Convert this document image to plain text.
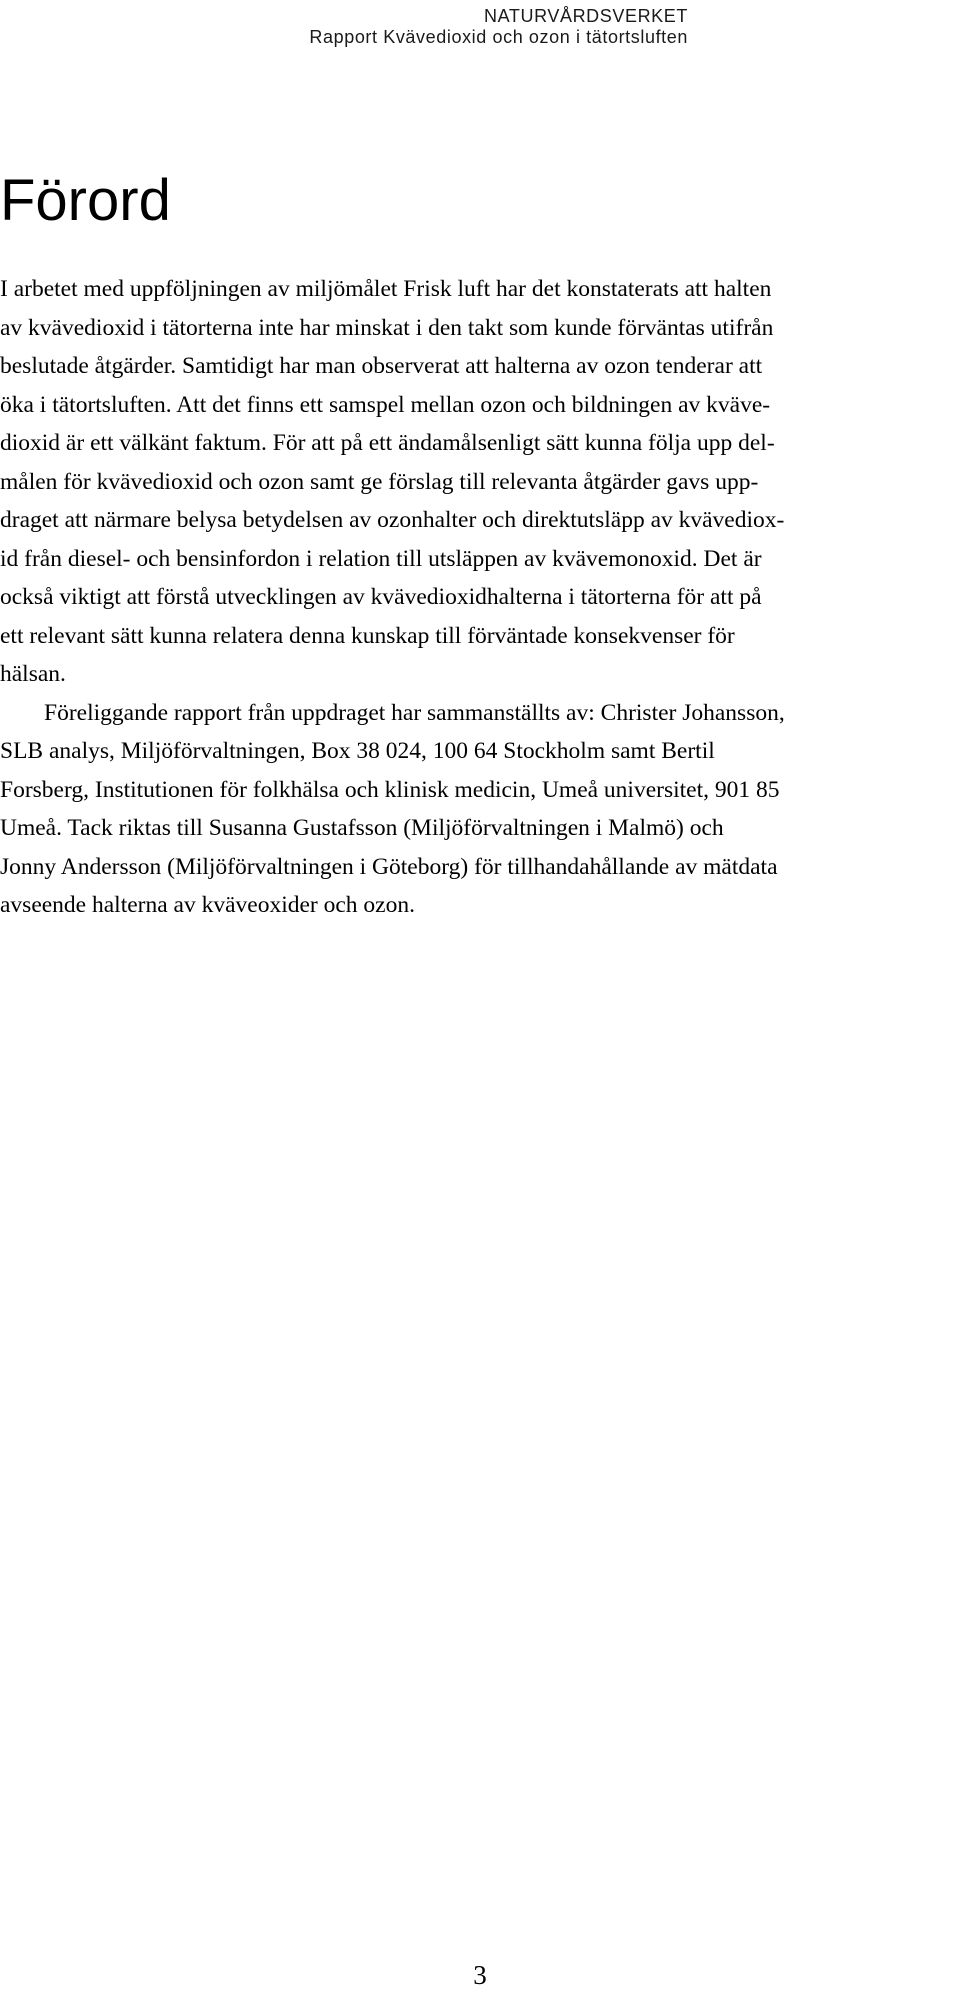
NATURVÅRDSVERKET
Rapport Kvävedioxid och ozon i tätortsluften
Förord
I arbetet med uppföljningen av miljömålet Frisk luft har det konstaterats att halten
av kvävedioxid i tätorterna inte har minskat i den takt som kunde förväntas utifrån
beslutade åtgärder. Samtidigt har man observerat att halterna av ozon tenderar att
öka i tätortsluften. Att det finns ett samspel mellan ozon och bildningen av kväve-
dioxid är ett välkänt faktum. För att på ett ändamålsenligt sätt kunna följa upp del-
målen för kvävedioxid och ozon samt ge förslag till relevanta åtgärder gavs upp-
draget att närmare belysa betydelsen av ozonhalter och direktutsläpp av kvävediox-
id från diesel- och bensinfordon i relation till utsläppen av kvävemonoxid. Det är
också viktigt att förstå utvecklingen av kvävedioxidhalterna i tätorterna för att på
ett relevant sätt kunna relatera denna kunskap till förväntade konsekvenser för
hälsan.
Föreliggande rapport från uppdraget har sammanställts av: Christer Johansson,
SLB analys, Miljöförvaltningen, Box 38 024, 100 64 Stockholm samt Bertil
Forsberg, Institutionen för folkhälsa och klinisk medicin, Umeå universitet, 901 85
Umeå. Tack riktas till Susanna Gustafsson (Miljöförvaltningen i Malmö) och
Jonny Andersson (Miljöförvaltningen i Göteborg) för tillhandahållande av mätdata
avseende halterna av kväveoxider och ozon.
3
